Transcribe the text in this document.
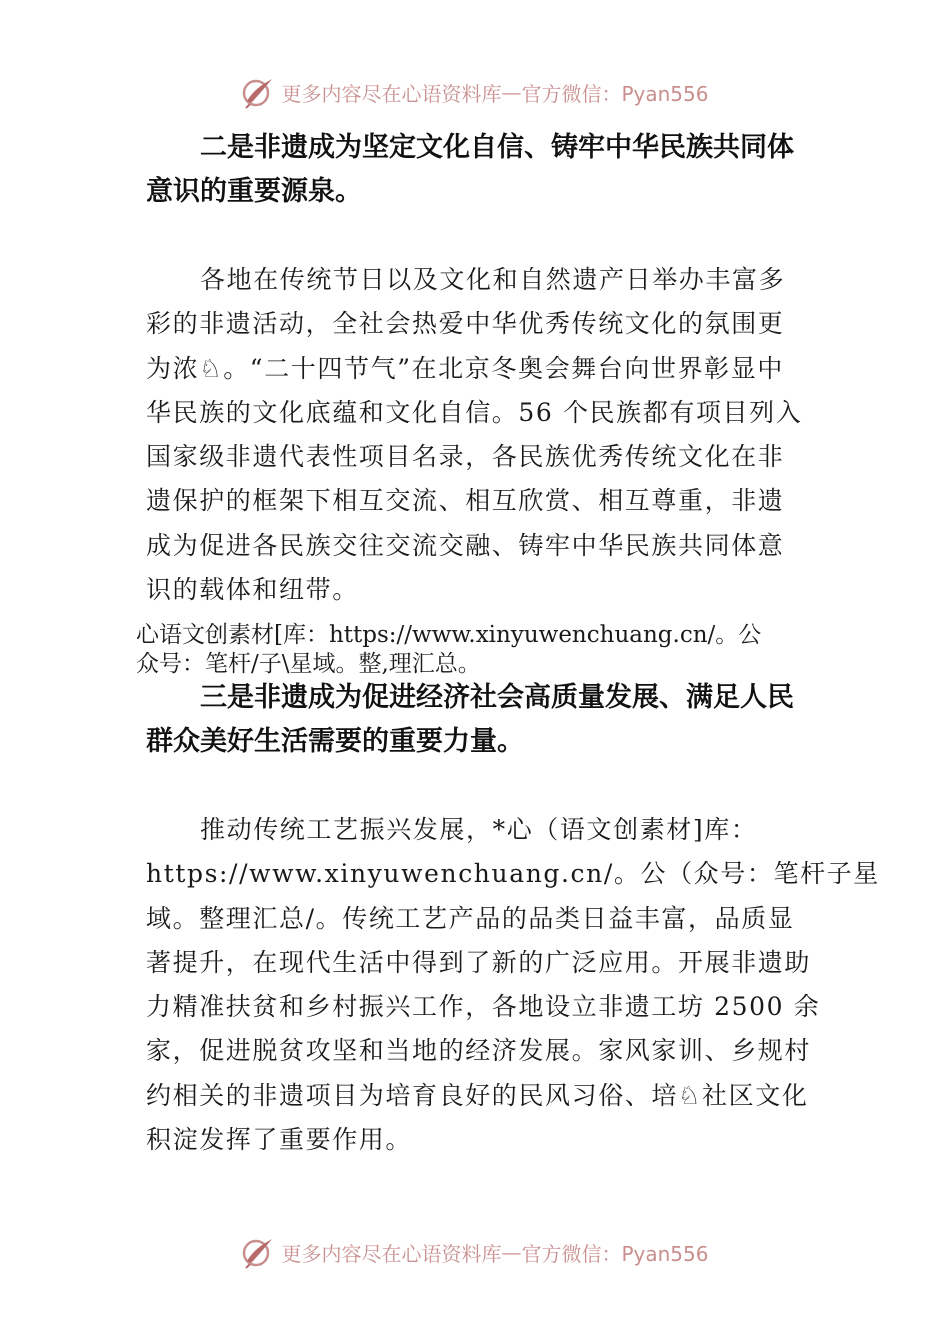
更多内容尽在心语资料库 — 官方微信：Pyan556
二是非遗成为坚定文化自信、铸牢中华民族共同体
意识的重要源泉。
各地在传统节日以及文化和自然遗产日举办丰富多
彩的非遗活动，全社会热爱中华优秀传统文化的氛围更
为浓♘。“二十四节气”在北京冬奥会舞台向世界彰显中
华民族的文化底蕴和文化自信。56 个民族都有项目列入
国家级非遗代表性项目名录，各民族优秀传统文化在非
遗保护的框架下相互交流、相互欣赏、相互尊重，非遗
成为促进各民族交往交流交融、铸牢中华民族共同体意
识的载体和纽带。
心语文创素材[库：https://www.xinyuwenchuang.cn/。公
众号：笔杆/子\星域。整,理汇总。
三是非遗成为促进经济社会高质量发展、满足人民
群众美好生活需要的重要力量。
推动传统工艺振兴发展，*心（语文创素材]库：
https://www.xinyuwenchuang.cn/。公（众号：笔杆子星
域。整理汇总/。传统工艺产品的品类日益丰富，品质显
著提升，在现代生活中得到了新的广泛应用。开展非遗助
力精准扶贫和乡村振兴工作，各地设立非遗工坊 2500 余
家，促进脱贫攻坚和当地的经济发展。家风家训、乡规村
约相关的非遗项目为培育良好的民风习俗、培♘社区文化
积淀发挥了重要作用。
更多内容尽在心语资料库 — 官方微信：Pyan556
